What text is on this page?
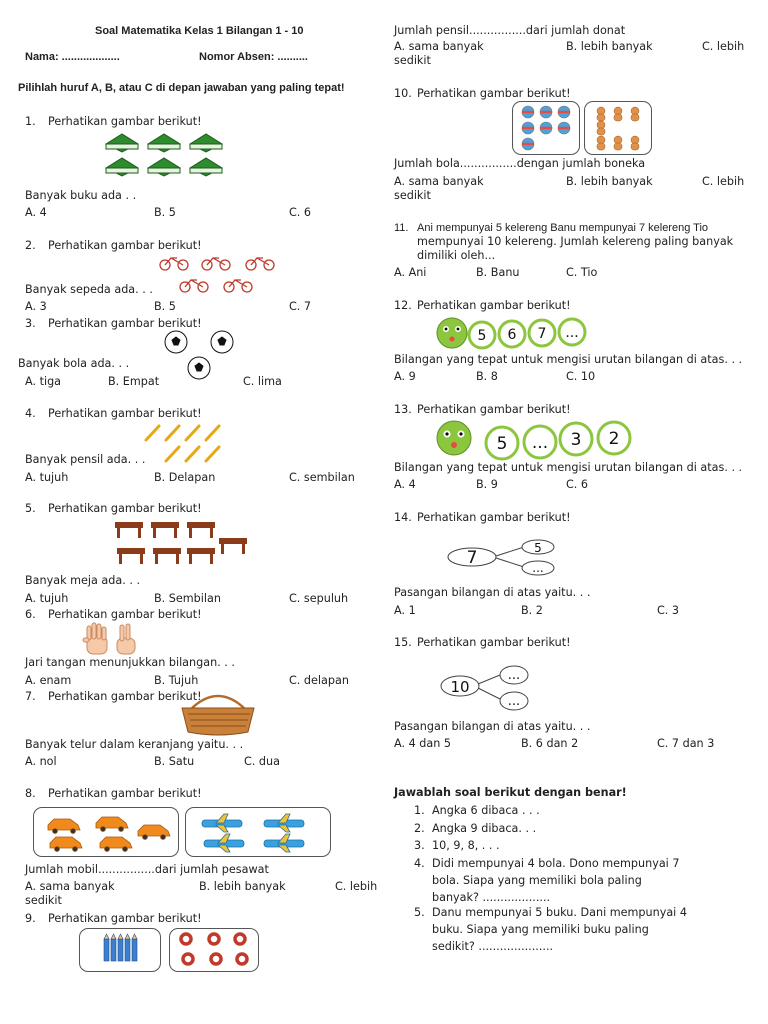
Soal Matematika Kelas 1 Bilangan 1 - 10
Nama: ...................	Nomor Absen: ..........
Pilihlah huruf A, B, atau C di depan jawaban yang paling tepat!
1. Perhatikan gambar berikut!
Banyak buku ada . .
A. 4	B. 5	C. 6
2. Perhatikan gambar berikut!
Banyak sepeda ada. . .
A. 3	B. 5	C. 7
3. Perhatikan gambar berikut!
Banyak bola ada. . .
A. tiga	B. Empat	C. lima
4. Perhatikan gambar berikut!
Banyak pensil ada. . .
A. tujuh	B. Delapan	C. sembilan
5. Perhatikan gambar berikut!
Banyak meja ada. . .
A. tujuh	B. Sembilan	C. sepuluh
6. Perhatikan gambar berikut!
Jari tangan menunjukkan bilangan. . .
A. enam	B. Tujuh	C. delapan
7. Perhatikan gambar berikut!
Banyak telur dalam keranjang yaitu. . .
A. nol	B. Satu	C. dua
8. Perhatikan gambar berikut!
Jumlah mobil................dari jumlah pesawat
A. sama banyak	B. lebih banyak	C. lebih
sedikit
9. Perhatikan gambar berikut!
Jumlah pensil................dari jumlah donat
A. sama banyak	B. lebih banyak	C. lebih
sedikit
10. Perhatikan gambar berikut!
Jumlah bola................dengan jumlah boneka
A. sama banyak	B. lebih banyak	C. lebih
sedikit
11. Ani mempunyai 5 kelereng Banu mempunyai 7 kelereng Tio
mempunyai 10 kelereng. Jumlah kelereng paling banyak
dimiliki oleh...
A. Ani	B. Banu	C. Tio
12. Perhatikan gambar berikut!
5 6 7 ...
Bilangan yang tepat untuk mengisi urutan bilangan di atas. . .
A. 9	B. 8	C. 10
13. Perhatikan gambar berikut!
5 ... 3 2
Bilangan yang tepat untuk mengisi urutan bilangan di atas. . .
A. 4	B. 9	C. 6
14. Perhatikan gambar berikut!
7	5
...
Pasangan bilangan di atas yaitu. . .
A. 1	B. 2	C. 3
15. Perhatikan gambar berikut!
10
...
...
Pasangan bilangan di atas yaitu. . .
A. 4 dan 5	B. 6 dan 2	C. 7 dan 3
Jawablah soal berikut dengan benar!
1. Angka 6 dibaca . . .
2. Angka 9 dibaca. . .
3. 10, 9, 8, . . .
4. Didi mempunyai 4 bola. Dono mempunyai 7
bola. Siapa yang memiliki bola paling
banyak? ...................
5. Danu mempunyai 5 buku. Dani mempunyai 4
buku. Siapa yang memiliki buku paling
sedikit? .....................
